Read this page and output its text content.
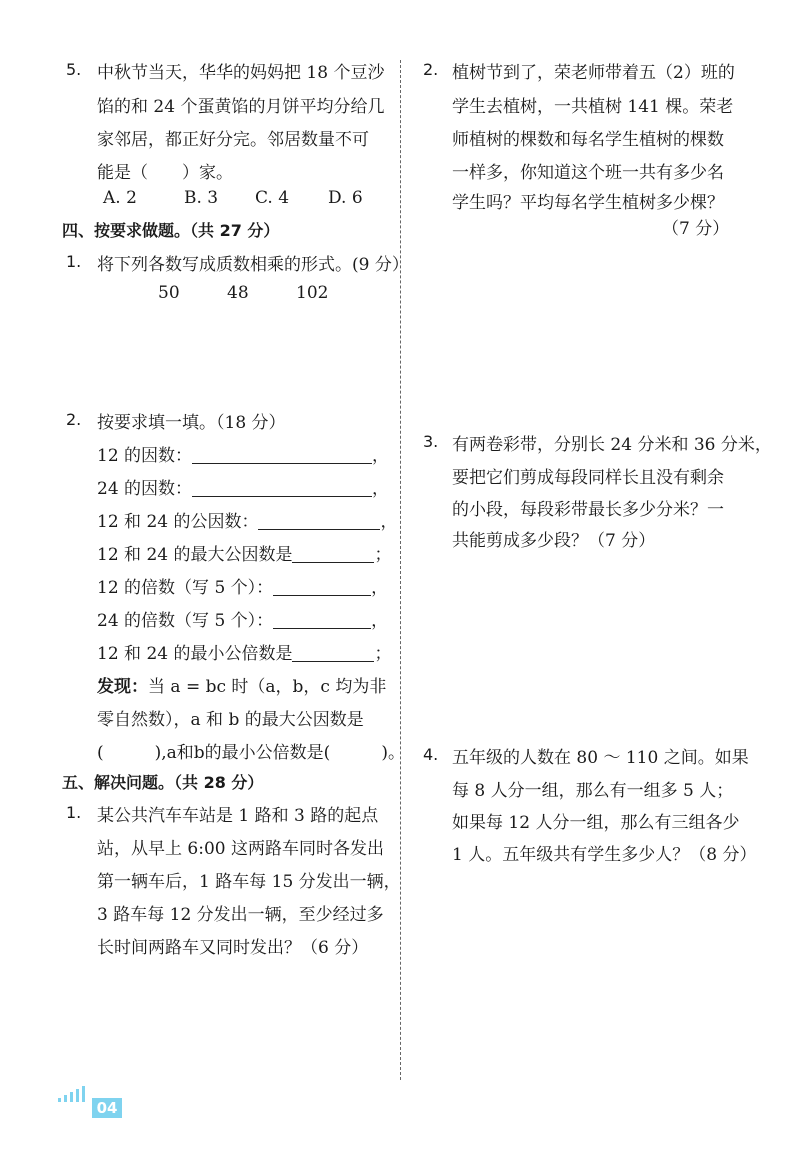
5. 中秋节当天，华华的妈妈把 18 个豆沙
馅的和 24 个蛋黄馅的月饼平均分给几
家邻居，都正好分完。邻居数量不可
能是（　　）家。
A. 2	B. 3 C. 4 D. 6
四、按要求做题。（共 27 分）
1. 将下列各数写成质数相乘的形式。(9 分）
50	48	102
2. 按要求填一填。（18 分）
12 的因数：	，
24 的因数：	，
12 和 24 的公因数：	，
12 和 24 的最大公因数是	；
12 的倍数（写 5 个）：	，
24 的倍数（写 5 个）：	，
12 和 24 的最小公倍数是	；
发现：当 a = bc 时（a，b，c 均为非
零自然数），a 和 b 的最大公因数是
(　　　),a和b的最小公倍数是(　　　)。
五、解决问题。（共 28 分）
1. 某公共汽车车站是 1 路和 3 路的起点
站，从早上 6:00 这两路车同时各发出
第一辆车后，1 路车每 15 分发出一辆，
3 路车每 12 分发出一辆，至少经过多
长时间两路车又同时发出？（6 分）
2. 植树节到了，荣老师带着五（2）班的
学生去植树，一共植树 141 棵。荣老
师植树的棵数和每名学生植树的棵数
一样多，你知道这个班一共有多少名
学生吗？平均每名学生植树多少棵？
（7 分）
3. 有两卷彩带，分别长 24 分米和 36 分米，
要把它们剪成每段同样长且没有剩余
的小段，每段彩带最长多少分米？一
共能剪成多少段？（7 分）
4. 五年级的人数在 80 ～ 110 之间。如果
每 8 人分一组，那么有一组多 5 人；
如果每 12 人分一组，那么有三组各少
1 人。五年级共有学生多少人？（8 分）
04
